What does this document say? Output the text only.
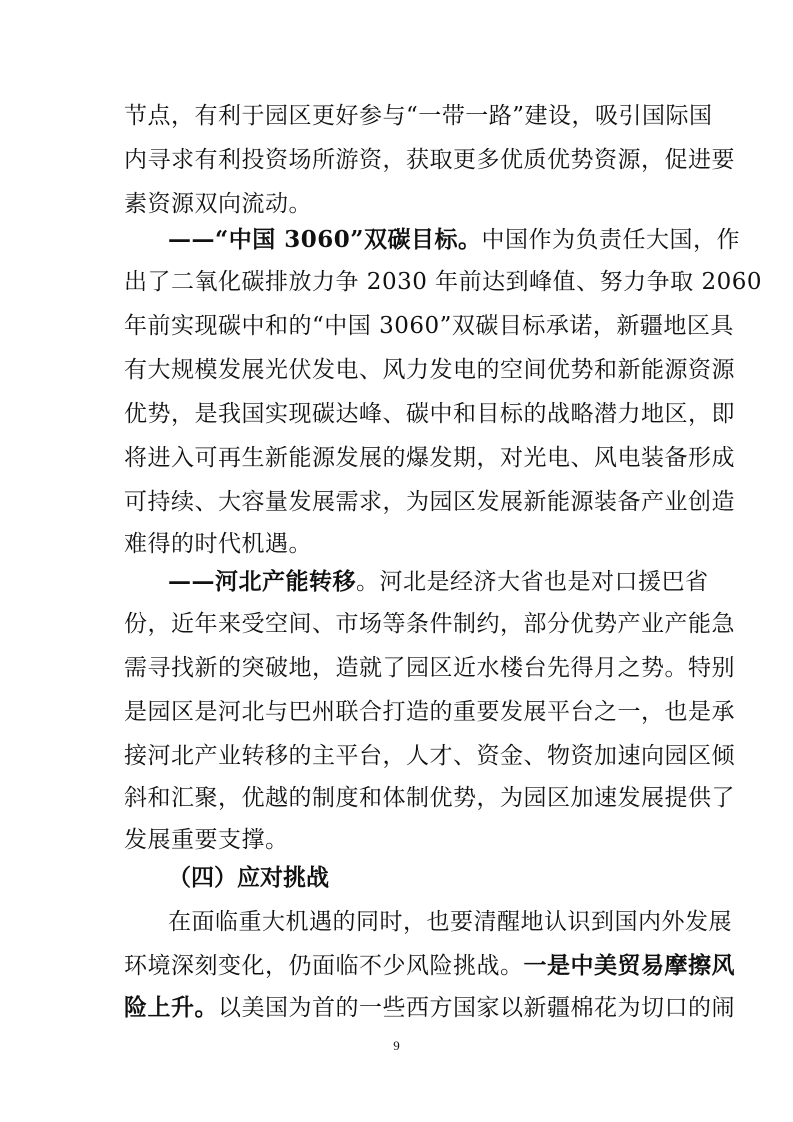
节点，有利于园区更好参与“一带一路”建设，吸引国际国
内寻求有利投资场所游资，获取更多优质优势资源，促进要
素资源双向流动。
——“中国 3060”双碳目标。中国作为负责任大国，作
出了二氧化碳排放力争 2030 年前达到峰值、努力争取 2060
年前实现碳中和的“中国 3060”双碳目标承诺，新疆地区具
有大规模发展光伏发电、风力发电的空间优势和新能源资源
优势，是我国实现碳达峰、碳中和目标的战略潜力地区，即
将进入可再生新能源发展的爆发期，对光电、风电装备形成
可持续、大容量发展需求，为园区发展新能源装备产业创造
难得的时代机遇。
——河北产能转移。河北是经济大省也是对口援巴省
份，近年来受空间、市场等条件制约，部分优势产业产能急
需寻找新的突破地，造就了园区近水楼台先得月之势。特别
是园区是河北与巴州联合打造的重要发展平台之一，也是承
接河北产业转移的主平台，人才、资金、物资加速向园区倾
斜和汇聚，优越的制度和体制优势，为园区加速发展提供了
发展重要支撑。
（四）应对挑战
在面临重大机遇的同时，也要清醒地认识到国内外发展
环境深刻变化，仍面临不少风险挑战。一是中美贸易摩擦风
险上升。以美国为首的一些西方国家以新疆棉花为切口的闹
9
